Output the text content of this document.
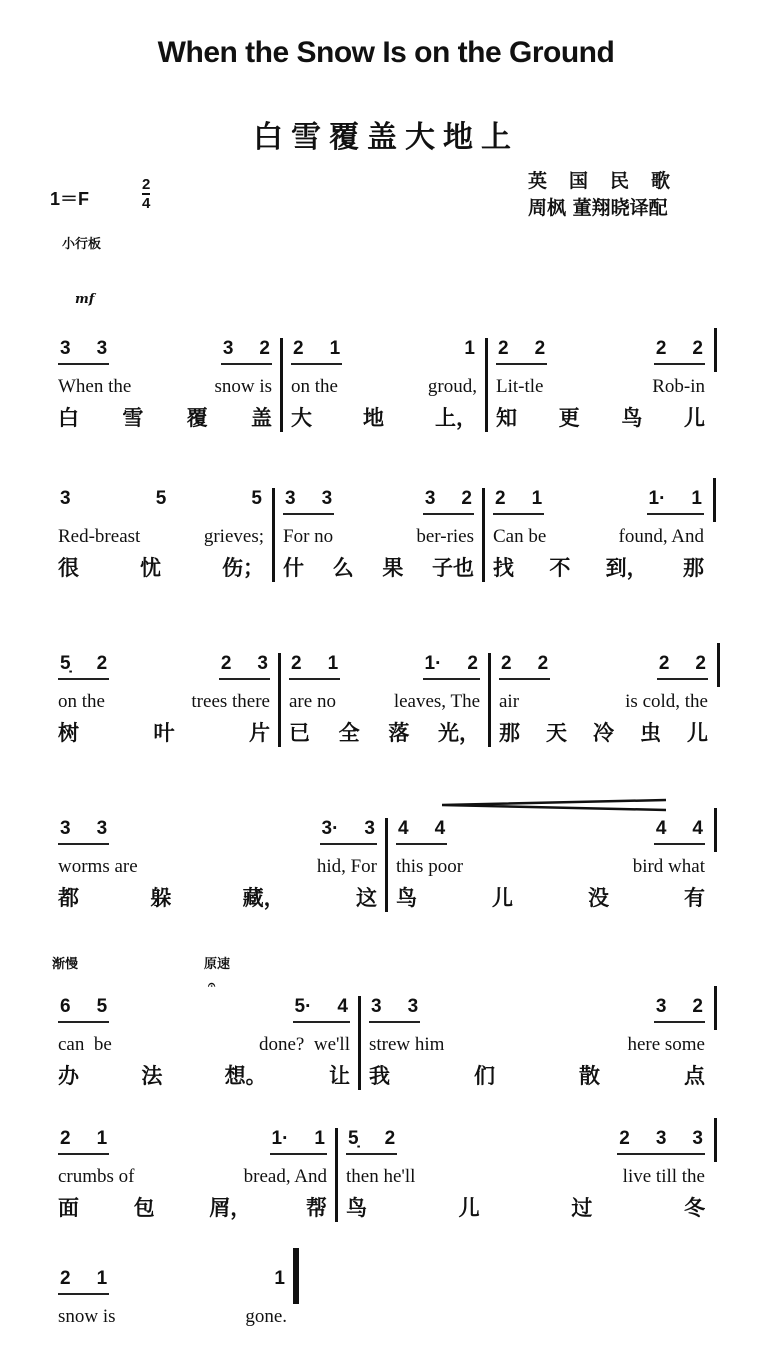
When the Snow Is on the Ground
白雪覆盖大地上
1＝F
2
4
英国民歌
周枫 董翔晓译配
小行板
mf
3 3	3 2
When the	snow is
白 雪 覆 盖
2 1	1
on the	groud,
大 地 上，
2 2	2 2
Lit-tle	Rob-in
知 更 鸟 儿
3	5	5
Red-breast	grieves;
很	忧	伤；
3 3	3 2
For no	ber-ries
什 么 果 子也
2 1	1· 1
Can be	found, And
找 不 到， 那
5̣ 2	2 3
on the	trees there
树	叶	片
2 1	1· 2
are no	leaves, The
已 全 落 光，
2 2	2 2
air	is cold, the
那 天 冷 虫 儿
3 3	3· 3
worms are	hid, For
都	躲	藏，	这
4 4	4 4
this poor	bird what
鸟	儿	没	有
6 5	5· 4
can  be	done?  we'll
办	法	想。	让
3 3	3 2
strew him	here some
我	们	散	点
2 1	1· 1
crumbs of	bread, And
面	包	屑，	帮
5̣ 2	2 3 3
then he'll	live till the
鸟	儿	过	冬
2 1	1
snow is	gone.

渐慢	原速
𝄐
